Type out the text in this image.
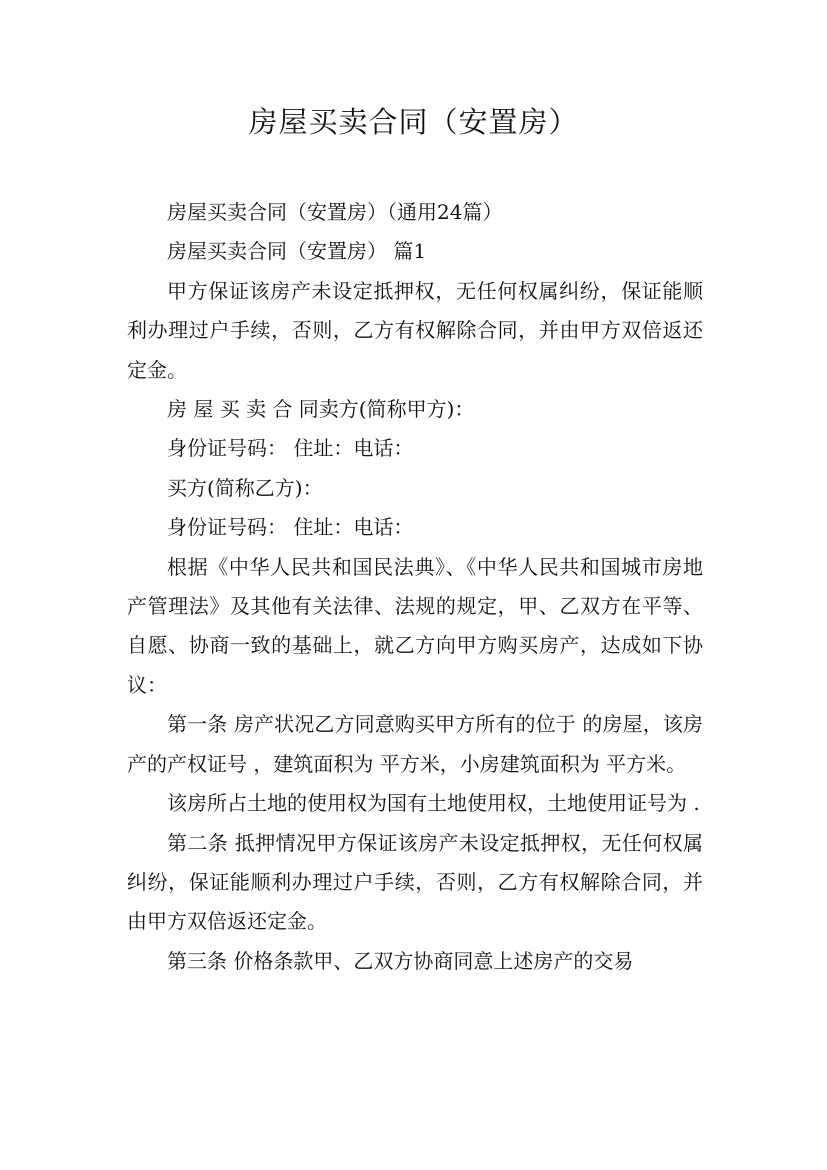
房屋买卖合同（安置房）

房屋买卖合同（安置房）（通用24篇）

房屋买卖合同（安置房） 篇1

甲方保证该房产未设定抵押权，无任何权属纠纷，保证能顺利办理过户手续，否则，乙方有权解除合同，并由甲方双倍返还定金。

房 屋 买 卖 合 同卖方(简称甲方)：

身份证号码： 住址：电话：

买方(简称乙方)：

身份证号码： 住址：电话：

根据《中华人民共和国民法典》、《中华人民共和国城市房地产管理法》及其他有关法律、法规的规定，甲、乙双方在平等、自愿、协商一致的基础上，就乙方向甲方购买房产，达成如下协议：

第一条 房产状况乙方同意购买甲方所有的位于 的房屋，该房产的产权证号 ，建筑面积为 平方米，小房建筑面积为 平方米。

该房所占土地的使用权为国有土地使用权，土地使用证号为 .

第二条 抵押情况甲方保证该房产未设定抵押权，无任何权属纠纷，保证能顺利办理过户手续，否则，乙方有权解除合同，并由甲方双倍返还定金。

第三条 价格条款甲、乙双方协商同意上述房产的交易
